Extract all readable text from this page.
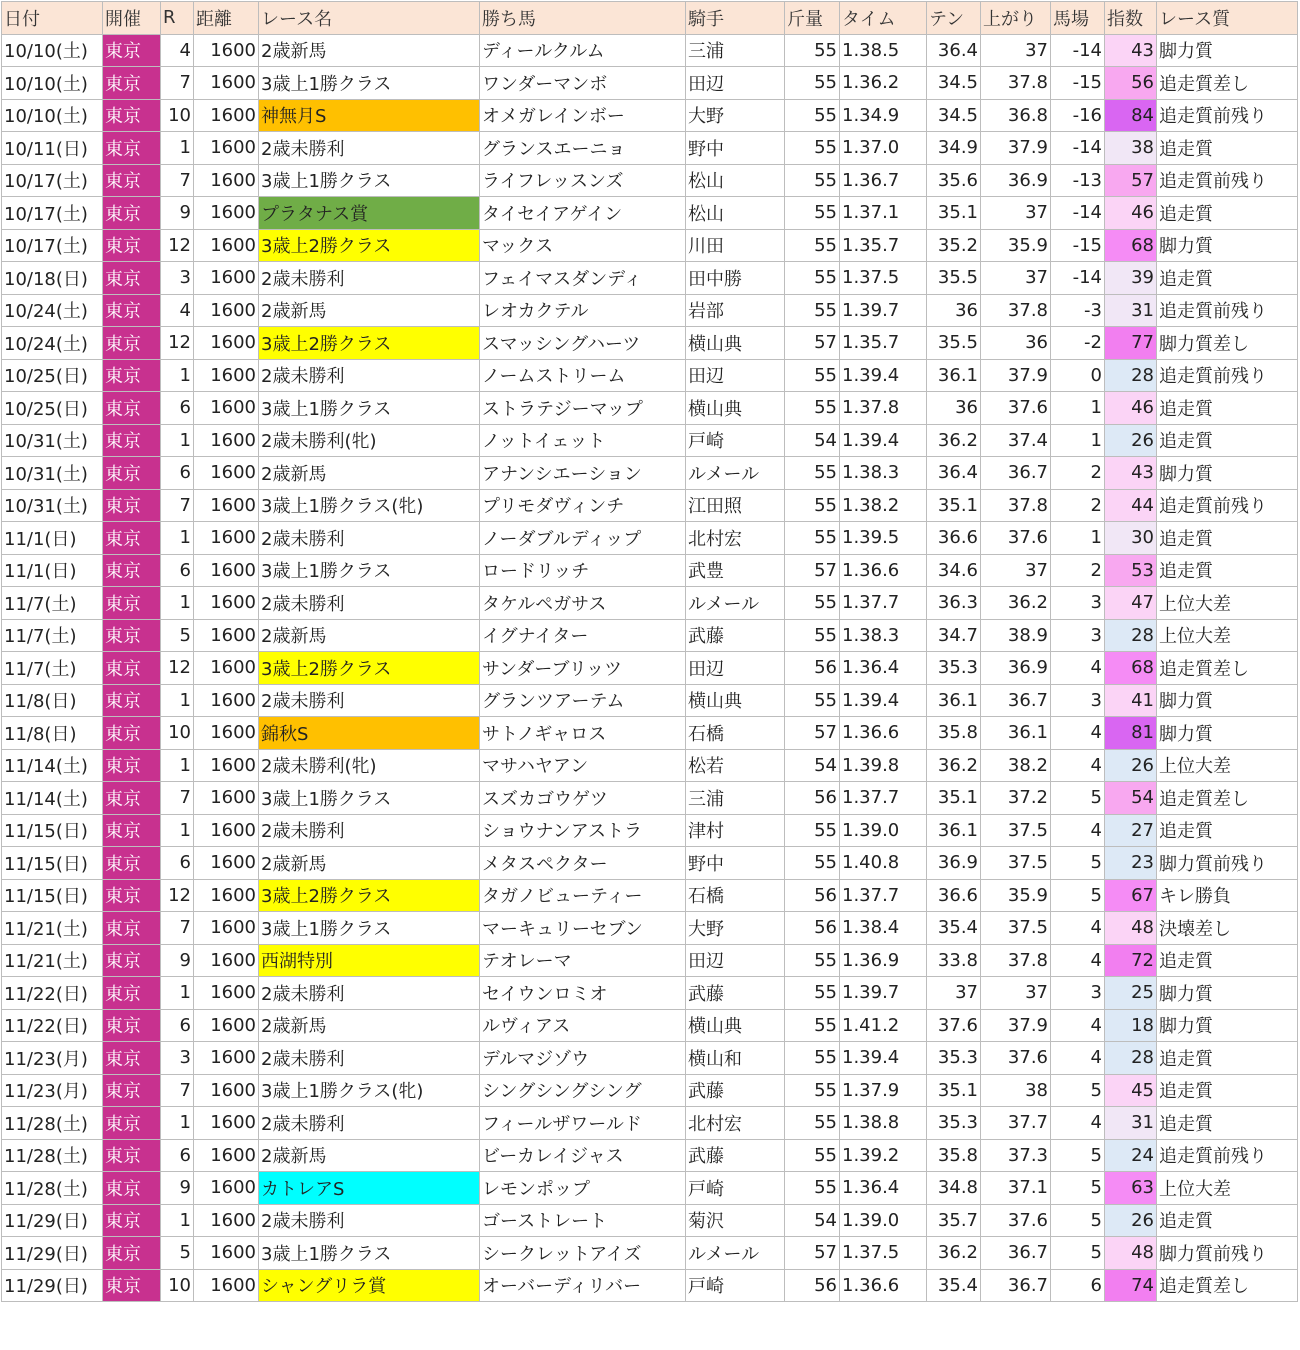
日付	開催	R	距離	レース名	勝ち馬	騎手	斤量	タイム	テン	上がり	馬場	指数	レース質
10/10(土)	東京	4	1600	2歳新馬	ディールクルム	三浦	55	1.38.5	36.4	37	-14	43	脚力質
10/10(土)	東京	7	1600	3歳上1勝クラス	ワンダーマンボ	田辺	55	1.36.2	34.5	37.8	-15	56	追走質差し
10/10(土)	東京	10	1600	神無月S	オメガレインボー	大野	55	1.34.9	34.5	36.8	-16	84	追走質前残り
10/11(日)	東京	1	1600	2歳未勝利	グランスエーニョ	野中	55	1.37.0	34.9	37.9	-14	38	追走質
10/17(土)	東京	7	1600	3歳上1勝クラス	ライフレッスンズ	松山	55	1.36.7	35.6	36.9	-13	57	追走質前残り
10/17(土)	東京	9	1600	プラタナス賞	タイセイアゲイン	松山	55	1.37.1	35.1	37	-14	46	追走質
10/17(土)	東京	12	1600	3歳上2勝クラス	マックス	川田	55	1.35.7	35.2	35.9	-15	68	脚力質
10/18(日)	東京	3	1600	2歳未勝利	フェイマスダンディ	田中勝	55	1.37.5	35.5	37	-14	39	追走質
10/24(土)	東京	4	1600	2歳新馬	レオカクテル	岩部	55	1.39.7	36	37.8	-3	31	追走質前残り
10/24(土)	東京	12	1600	3歳上2勝クラス	スマッシングハーツ	横山典	57	1.35.7	35.5	36	-2	77	脚力質差し
10/25(日)	東京	1	1600	2歳未勝利	ノームストリーム	田辺	55	1.39.4	36.1	37.9	0	28	追走質前残り
10/25(日)	東京	6	1600	3歳上1勝クラス	ストラテジーマップ	横山典	55	1.37.8	36	37.6	1	46	追走質
10/31(土)	東京	1	1600	2歳未勝利(牝)	ノットイェット	戸崎	54	1.39.4	36.2	37.4	1	26	追走質
10/31(土)	東京	6	1600	2歳新馬	アナンシエーション	ルメール	55	1.38.3	36.4	36.7	2	43	脚力質
10/31(土)	東京	7	1600	3歳上1勝クラス(牝)	プリモダヴィンチ	江田照	55	1.38.2	35.1	37.8	2	44	追走質前残り
11/1(日)	東京	1	1600	2歳未勝利	ノーダブルディップ	北村宏	55	1.39.5	36.6	37.6	1	30	追走質
11/1(日)	東京	6	1600	3歳上1勝クラス	ロードリッチ	武豊	57	1.36.6	34.6	37	2	53	追走質
11/7(土)	東京	1	1600	2歳未勝利	タケルペガサス	ルメール	55	1.37.7	36.3	36.2	3	47	上位大差
11/7(土)	東京	5	1600	2歳新馬	イグナイター	武藤	55	1.38.3	34.7	38.9	3	28	上位大差
11/7(土)	東京	12	1600	3歳上2勝クラス	サンダーブリッツ	田辺	56	1.36.4	35.3	36.9	4	68	追走質差し
11/8(日)	東京	1	1600	2歳未勝利	グランツアーテム	横山典	55	1.39.4	36.1	36.7	3	41	脚力質
11/8(日)	東京	10	1600	錦秋S	サトノギャロス	石橋	57	1.36.6	35.8	36.1	4	81	脚力質
11/14(土)	東京	1	1600	2歳未勝利(牝)	マサハヤアン	松若	54	1.39.8	36.2	38.2	4	26	上位大差
11/14(土)	東京	7	1600	3歳上1勝クラス	スズカゴウゲツ	三浦	56	1.37.7	35.1	37.2	5	54	追走質差し
11/15(日)	東京	1	1600	2歳未勝利	ショウナンアストラ	津村	55	1.39.0	36.1	37.5	4	27	追走質
11/15(日)	東京	6	1600	2歳新馬	メタスペクター	野中	55	1.40.8	36.9	37.5	5	23	脚力質前残り
11/15(日)	東京	12	1600	3歳上2勝クラス	タガノビューティー	石橋	56	1.37.7	36.6	35.9	5	67	キレ勝負
11/21(土)	東京	7	1600	3歳上1勝クラス	マーキュリーセブン	大野	56	1.38.4	35.4	37.5	4	48	決壊差し
11/21(土)	東京	9	1600	西湖特別	テオレーマ	田辺	55	1.36.9	33.8	37.8	4	72	追走質
11/22(日)	東京	1	1600	2歳未勝利	セイウンロミオ	武藤	55	1.39.7	37	37	3	25	脚力質
11/22(日)	東京	6	1600	2歳新馬	ルヴィアス	横山典	55	1.41.2	37.6	37.9	4	18	脚力質
11/23(月)	東京	3	1600	2歳未勝利	デルマジゾウ	横山和	55	1.39.4	35.3	37.6	4	28	追走質
11/23(月)	東京	7	1600	3歳上1勝クラス(牝)	シングシングシング	武藤	55	1.37.9	35.1	38	5	45	追走質
11/28(土)	東京	1	1600	2歳未勝利	フィールザワールド	北村宏	55	1.38.8	35.3	37.7	4	31	追走質
11/28(土)	東京	6	1600	2歳新馬	ビーカレイジャス	武藤	55	1.39.2	35.8	37.3	5	24	追走質前残り
11/28(土)	東京	9	1600	カトレアS	レモンポップ	戸崎	55	1.36.4	34.8	37.1	5	63	上位大差
11/29(日)	東京	1	1600	2歳未勝利	ゴーストレート	菊沢	54	1.39.0	35.7	37.6	5	26	追走質
11/29(日)	東京	5	1600	3歳上1勝クラス	シークレットアイズ	ルメール	57	1.37.5	36.2	36.7	5	48	脚力質前残り
11/29(日)	東京	10	1600	シャングリラ賞	オーバーディリバー	戸崎	56	1.36.6	35.4	36.7	6	74	追走質差し
